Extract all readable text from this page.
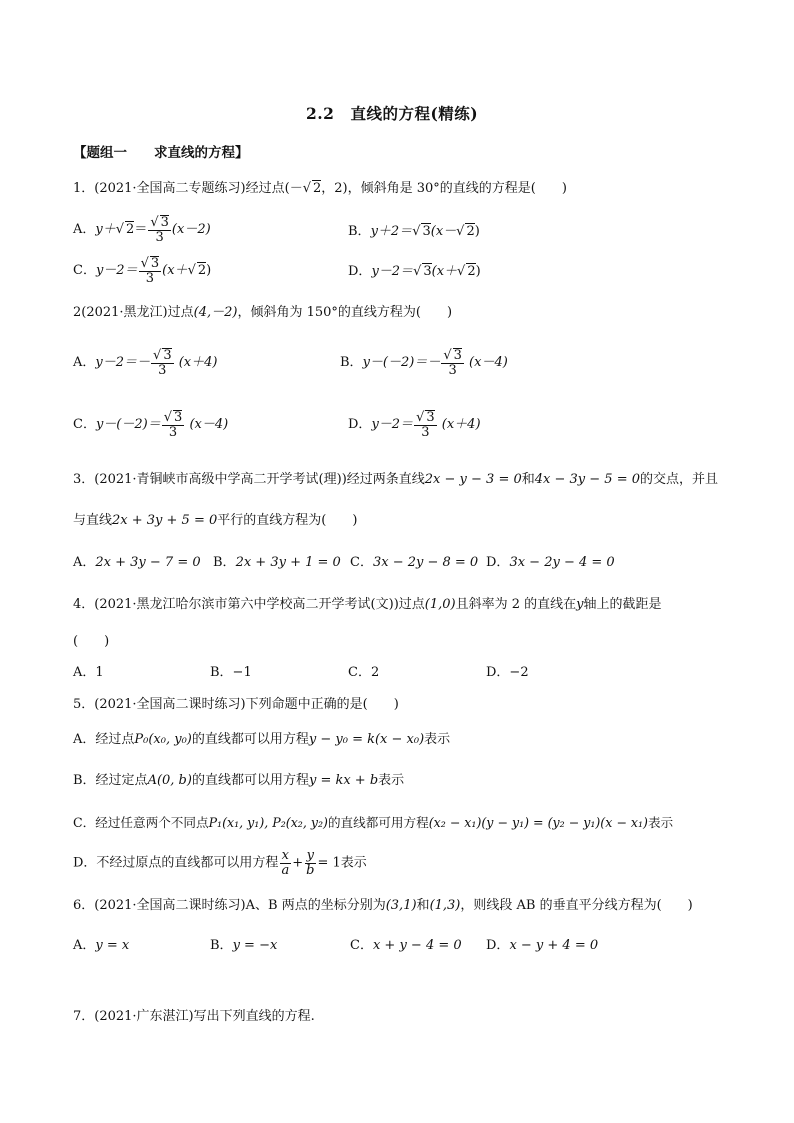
2.2　直线的方程(精练)
【题组一　　求直线的方程】
1．(2021·全国高二专题练习)经过点(－√ 2，2)，倾斜角是 30°的直线的方程是(　　)
A．y＋√ $2= \frac{√ 3}{3} (x-2)$	B．y＋2＝√ 3(x－√ 2)
C．$y-2= \frac{√ 3}{3} (x+√$ 2)	D．y－2＝√ 3(x＋√ 2)
2(2021·黑龙江)过点(4,－2)，倾斜角为 150°的直线方程为(　　)
A．$y-2=- \frac{√ 3}{3} (x+4)$	B．$y-(-2)=- \frac{√ 3}{3} (x-4)$
C．$y-(-2)= \frac{√ 3}{3} (x-4)$	D．$y-2= \frac{√ 3}{3} (x+4)$
3．(2021·青铜峡市高级中学高二开学考试(理))经过两条直线2x − y − 3 = 0和4x − 3y − 5 = 0的交点，并且
与直线2x + 3y + 5 = 0平行的直线方程为(　　)
A．2x + 3y − 7 = 0 B．2x + 3y + 1 = 0 C．3x − 2y − 8 = 0 D．3x − 2y − 4 = 0
4．(2021·黑龙江哈尔滨市第六中学校高二开学考试(文))过点(1,0)且斜率为 2 的直线在y轴上的截距是
(　　)
A．1	B．−1	C．2	D．−2
5．(2021·全国高二课时练习)下列命题中正确的是(　　)
A．经过点P₀(x₀, y₀)的直线都可以用方程y − y₀ = k(x − x₀)表示
B．经过定点A(0, b)的直线都可以用方程y = kx + b表示
C．经过任意两个不同点P₁(x₁, y₁), P₂(x₂, y₂)的直线都可用方程(x₂ − x₁)(y − y₁) = (y₂ − y₁)(x − x₁)表示
D．不经过原点的直线都可以用方程 $\frac{x}{a} + \frac{y}{b} = 1$表示
6．(2021·全国高二课时练习)A、B 两点的坐标分别为(3,1)和(1,3)，则线段 AB 的垂直平分线方程为(　　)
A．y = x	B．y = −x	C．x + y − 4 = 0 D．x − y + 4 = 0
7．(2021·广东湛江)写出下列直线的方程.
